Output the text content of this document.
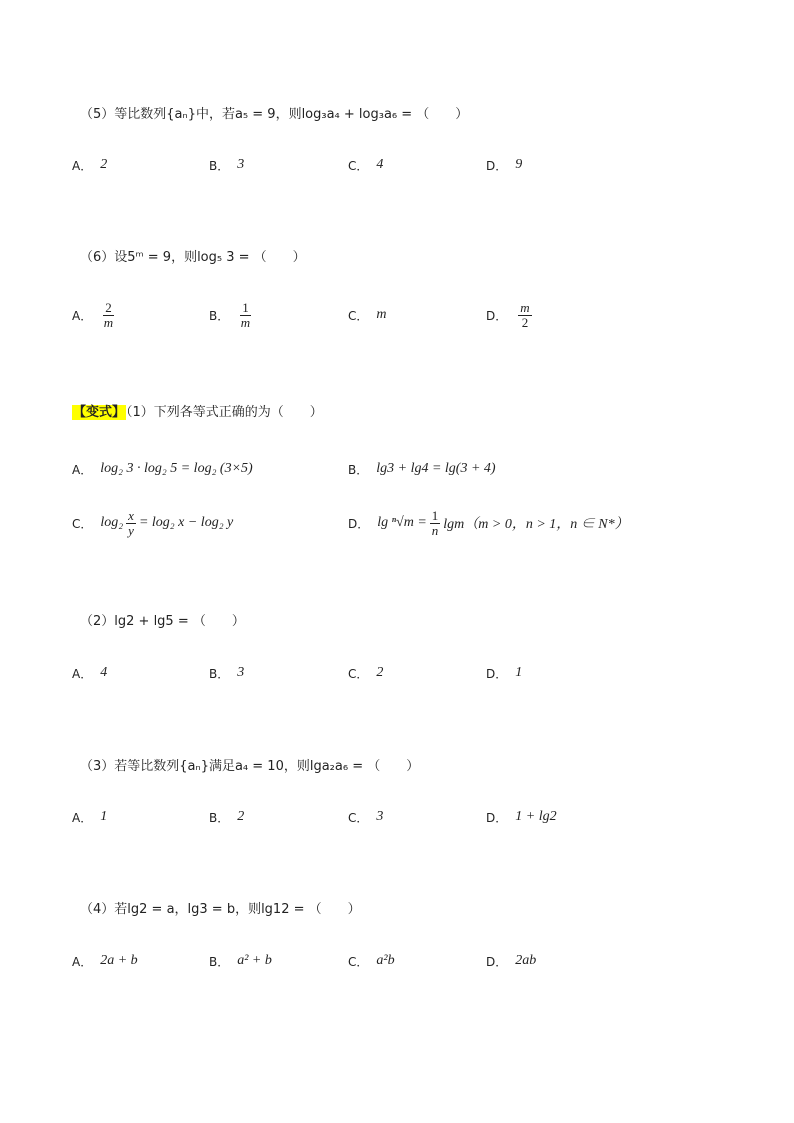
（5）等比数列{aₙ}中，若a₅ = 9，则log₃a₄ + log₃a₆ = （　　）
A． 2	B． 3	C． 4	D． 9
（6）设5ᵐ = 9，则log₅ 3 = （　　）
A． $\frac{2}{m}$	B． $\frac{1}{m}$	C． m	D． $\frac{m}{2}$
【变式】（1）下列各等式正确的为（　　）
A． log₂ 3 · log₂ 5 = log₂ (3×5)	B． lg3 + lg4 = lg(3 + 4)
C． $\log_2 \frac{x}{y} = \log_2$ x − log₂ y	D． $\lg ^n√m = \frac{1}{n} \lg m(m > 0$，n > 1，n ∈ N*）
（2）lg2 + lg5 = （　　）
A． 4	B． 3	C． 2	D． 1
（3）若等比数列{aₙ}满足a₄ = 10，则lga₂a₆ = （　　）
A． 1	B． 2	C． 3	D． 1 + lg2
（4）若lg2 = a，lg3 = b，则lg12 = （　　）
A． 2a + b	B． a² + b	C． a²b	D． 2ab
